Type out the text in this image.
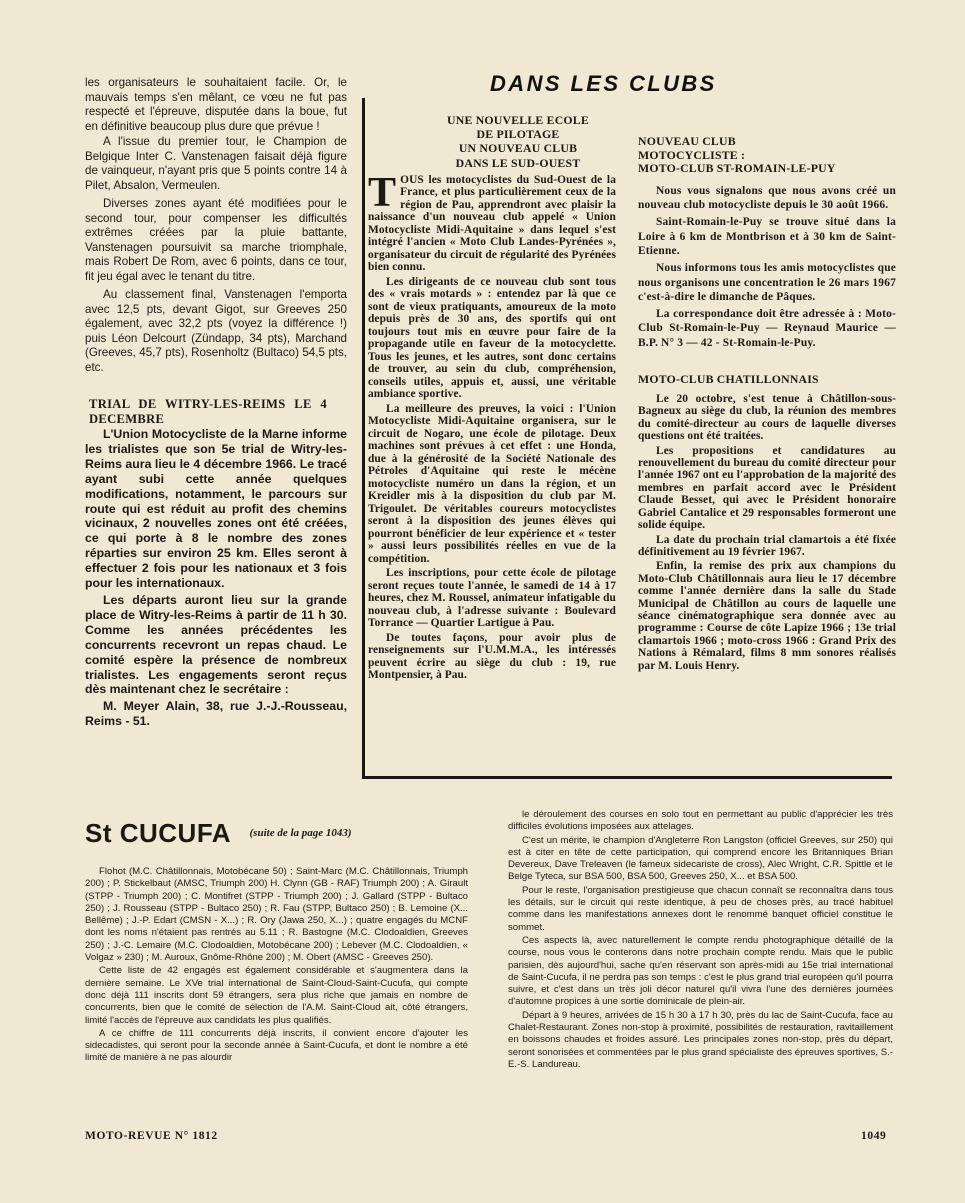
les organisateurs le souhaitaient facile. Or, le mauvais temps s'en mêlant, ce vœu ne fut pas respecté et l'épreuve, disputée dans la boue, fut en définitive beaucoup plus dure que prévue !

A l'issue du premier tour, le Champion de Belgique Inter C. Vanstenagen faisait déjà figure de vainqueur, n'ayant pris que 5 points contre 14 à Pilet, Absalon, Vermeulen.

Diverses zones ayant été modifiées pour le second tour, pour compenser les difficultés extrêmes créées par la pluie battante, Vanstenagen poursuivit sa marche triomphale, mais Robert De Rom, avec 6 points, dans ce tour, fit jeu égal avec le tenant du titre.

Au classement final, Vanstenagen l'emporta avec 12,5 pts, devant Gigot, sur Greeves 250 également, avec 32,2 pts (voyez la différence !) puis Léon Delcourt (Zündapp, 34 pts), Marchand (Greeves, 45,7 pts), Rosenholtz (Bultaco) 54,5 pts, etc.

TRIAL DE WITRY-LES-REIMS LE 4 DECEMBRE

L'Union Motocycliste de la Marne informe les trialistes que son 5e trial de Witry-les-Reims aura lieu le 4 décembre 1966. Le tracé ayant subi cette année quelques modifications, notamment, le parcours sur route qui est réduit au profit des chemins vicinaux, 2 nouvelles zones ont été créées, ce qui porte à 8 le nombre des zones réparties sur environ 25 km. Elles seront à effectuer 2 fois pour les nationaux et 3 fois pour les internationaux.

Les départs auront lieu sur la grande place de Witry-les-Reims à partir de 11 h 30. Comme les années précédentes les concurrents recevront un repas chaud. Le comité espère la présence de nombreux trialistes. Les engagements seront reçus dès maintenant chez le secrétaire :

M. Meyer Alain, 38, rue J.-J.-Rousseau, Reims - 51.

DANS LES CLUBS
UNE NOUVELLE ECOLE
DE PILOTAGE
UN NOUVEAU CLUB
DANS LE SUD-OUEST

TOUS les motocyclistes du Sud-Ouest de la France, et plus particulièrement ceux de la région de Pau, apprendront avec plaisir la naissance d'un nouveau club appelé « Union Motocycliste Midi-Aquitaine » dans lequel s'est intégré l'ancien « Moto Club Landes-Pyrénées », organisateur du circuit de régularité des Pyrénées bien connu.

Les dirigeants de ce nouveau club sont tous des « vrais motards » : entendez par là que ce sont de vieux pratiquants, amoureux de la moto depuis près de 30 ans, des sportifs qui ont toujours tout mis en œuvre pour faire de la propagande utile en faveur de la motocyclette. Tous les jeunes, et les autres, sont donc certains de trouver, au sein du club, compréhension, conseils utiles, appuis et, aussi, une véritable ambiance sportive.

La meilleure des preuves, la voici : l'Union Motocycliste Midi-Aquitaine organisera, sur le circuit de Nogaro, une école de pilotage. Deux machines sont prévues à cet effet : une Honda, due à la générosité de la Société Nationale des Pétroles d'Aquitaine qui reste le mécène motocycliste numéro un dans la région, et un Kreidler mis à la disposition du club par M. Trigoulet. De véritables coureurs motocyclistes seront à la disposition des jeunes élèves qui pourront bénéficier de leur expérience et « tester » aussi leurs possibilités réelles en vue de la compétition.

Les inscriptions, pour cette école de pilotage seront reçues toute l'année, le samedi de 14 à 17 heures, chez M. Roussel, animateur infatigable du nouveau club, à l'adresse suivante : Boulevard Torrance — Quartier Lartigue à Pau.

De toutes façons, pour avoir plus de renseignements sur l'U.M.M.A., les intéressés peuvent écrire au siège du club : 19, rue Montpensier, à Pau.

NOUVEAU CLUB
MOTOCYCLISTE :
MOTO-CLUB ST-ROMAIN-LE-PUY

Nous vous signalons que nous avons créé un nouveau club motocycliste depuis le 30 août 1966.

Saint-Romain-le-Puy se trouve situé dans la Loire à 6 km de Montbrison et à 30 km de Saint-Etienne.

Nous informons tous les amis motocyclistes que nous organisons une concentration le 26 mars 1967 c'est-à-dire le dimanche de Pâques.

La correspondance doit être adressée à : Moto-Club St-Romain-le-Puy — Reynaud Maurice — B.P. N° 3 — 42 - St-Romain-le-Puy.

MOTO-CLUB CHATILLONNAIS

Le 20 octobre, s'est tenue à Châtillon-sous-Bagneux au siège du club, la réunion des membres du comité-directeur au cours de laquelle diverses questions ont été traitées.

Les propositions et candidatures au renouvellement du bureau du comité directeur pour l'année 1967 ont eu l'approbation de la majorité des membres en parfait accord avec le Président Claude Besset, qui avec le Président honoraire Gabriel Cantalice et 29 responsables formeront une solide équipe.

La date du prochain trial clamartois a été fixée définitivement au 19 février 1967.

Enfin, la remise des prix aux champions du Moto-Club Châtillonnais aura lieu le 17 décembre comme l'année dernière dans la salle du Stade Municipal de Châtillon au cours de laquelle une séance cinématographique sera donnée avec au programme : Course de côte Lapize 1966 ; 13e trial clamartois 1966 ; moto-cross 1966 : Grand Prix des Nations à Rémalard, films 8 mm sonores réalisés par M. Louis Henry.

St CUCUFA $^{(suite de la page 1043)}$

Flohot (M.C. Châtillonnais, Motobécane 50) ; Saint-Marc (M.C. Châtillonnais, Triumph 200) ; P. Stickelbaut (AMSC, Triumph 200) H. Clynn (GB - RAF) Triumph 200) ; A. Girault (STPP - Triumph 200) ; C. Montifret (STPP - Triumph 200) ; J. Gallard (STPP - Bultaco 250) ; J. Rousseau (STPP - Bultaco 250) ; R. Fau (STPP, Bultaco 250) ; B. Lemoine (X... Bellême) ; J.-P. Edart (CMSN - X...) ; R. Ory (Jawa 250, X...) ; quatre engagés du MCNF dont les noms n'étaient pas rentrés au 5.11 ; R. Bastogne (M.C. Clodoaldien, Greeves 250) ; J.-C. Lemaire (M.C. Clodoaldien, Motobécane 200) ; Lebever (M.C. Clodoaldien, « Volgaz » 230) ; M. Auroux, Gnôme-Rhône 200) ; M. Obert (AMSC - Greeves 250).

Cette liste de 42 engagés est également considérable et s'augmentera dans la dernière semaine. Le XVe trial international de Saint-Cloud-Saint-Cucufa, qui compte donc déjà 111 inscrits dont 59 étrangers, sera plus riche que jamais en nombre de concurrents, bien que le comité de sélection de l'A.M. Saint-Cloud ait, côté étrangers, limité l'accès de l'épreuve aux candidats les plus qualifiés.

A ce chiffre de 111 concurrents déjà inscrits, il convient encore d'ajouter les sidecadistes, qui seront pour la seconde année à Saint-Cucufa, et dont le nombre a été limité de manière à ne pas alourdir

le déroulement des courses en solo tout en permettant au public d'apprécier les très difficiles évolutions imposées aux attelages.

C'est un mérite, le champion d'Angleterre Ron Langston (officiel Greeves, sur 250) qui est à citer en tête de cette participation, qui comprend encore les Britanniques Brian Devereux, Dave Treleaven (le fameux sidecariste de cross), Alec Wright, C.R. Spittle et le Belge Tyteca, sur BSA 500, BSA 500, Greeves 250, X... et BSA 500.

Pour le reste, l'organisation prestigieuse que chacun connaît se reconnaîtra dans tous les détails, sur le circuit qui reste identique, à peu de choses près, au tracé habituel comme dans les manifestations annexes dont le renommé banquet officiel constitue le sommet.

Ces aspects là, avec naturellement le compte rendu photographique détaillé de la course, nous vous le conterons dans notre prochain compte rendu. Mais que le public parisien, dès aujourd'hui, sache qu'en réservant son après-midi au 15e trial international de Saint-Cucufa, il ne perdra pas son temps : c'est le plus grand trial européen qu'il pourra suivre, et c'est dans un très joli décor naturel qu'il vivra l'une des dernières journées d'automne propices à une sortie dominicale de plein-air.

Départ à 9 heures, arrivées de 15 h 30 à 17 h 30, près du lac de Saint-Cucufa, face au Chalet-Restaurant. Zones non-stop à proximité, possibilités de restauration, ravitaillement en boissons chaudes et froides assuré. Les principales zones non-stop, près du départ, seront sonorisées et commentées par le plus grand spécialiste des épreuves sportives, S.-E.-S. Landureau.

MOTO-REVUE N° 1812	1049
